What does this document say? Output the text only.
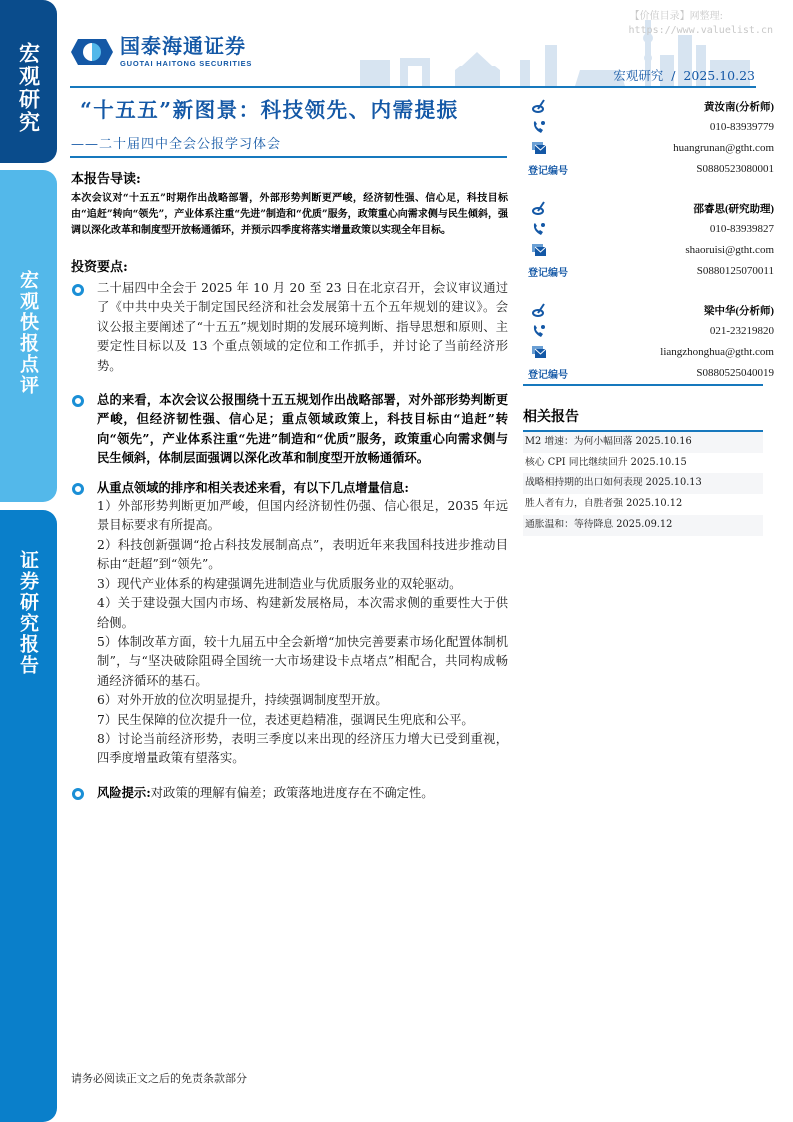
宏观研究
宏观快报点评
证券研究报告
【价值目录】网整理:
https://www.valuelist.cn
国泰海通证券
GUOTAI HAITONG SECURITIES
宏观研究 / 2025.10.23
“十五五”新图景：科技领先、内需提振
——二十届四中全会公报学习体会
本报告导读:
本次会议对“十五五”时期作出战略部署，外部形势判断更严峻，经济韧性强、信心足，科技目标由“追赶”转向“领先”，产业体系注重“先进”制造和“优质”服务，政策重心向需求侧与民生倾斜，强调以深化改革和制度型开放畅通循环，并预示四季度将落实增量政策以实现全年目标。
投资要点:
二十届四中全会于 2025 年 10 月 20 至 23 日在北京召开，会议审议通过了《中共中央关于制定国民经济和社会发展第十五个五年规划的建议》。会议公报主要阐述了“十五五”规划时期的发展环境判断、指导思想和原则、主要定性目标以及 13 个重点领域的定位和工作抓手，并讨论了当前经济形势。
总的来看，本次会议公报围绕十五五规划作出战略部署，对外部形势判断更严峻，但经济韧性强、信心足；重点领域政策上，科技目标由“追赶”转向“领先”，产业体系注重“先进”制造和“优质”服务，政策重心向需求侧与民生倾斜，体制层面强调以深化改革和制度型开放畅通循环。
从重点领域的排序和相关表述来看，有以下几点增量信息:
1）外部形势判断更加严峻，但国内经济韧性仍强、信心很足，2035 年远景目标要求有所提高。
2）科技创新强调“抢占科技发展制高点”，表明近年来我国科技进步推动目标由“赶超”到“领先”。
3）现代产业体系的构建强调先进制造业与优质服务业的双轮驱动。
4）关于建设强大国内市场、构建新发展格局，本次需求侧的重要性大于供给侧。
5）体制改革方面，较十九届五中全会新增“加快完善要素市场化配置体制机制”，与“坚决破除阻碍全国统一大市场建设卡点堵点”相配合，共同构成畅通经济循环的基石。
6）对外开放的位次明显提升，持续强调制度型开放。
7）民生保障的位次提升一位，表述更趋精准，强调民生兜底和公平。
8）讨论当前经济形势，表明三季度以来出现的经济压力增大已受到重视，四季度增量政策有望落实。
风险提示:对政策的理解有偏差；政策落地进度存在不确定性。
黄汝南(分析师)
010-83939779
huangrunan@gtht.com
登记编号	S0880523080001
邵睿思(研究助理)
010-83939827
shaoruisi@gtht.com
登记编号	S0880125070011
梁中华(分析师)
021-23219820
liangzhonghua@gtht.com
登记编号	S0880525040019
相关报告
M2 增速：为何小幅回落 2025.10.16
核心 CPI 同比继续回升 2025.10.15
战略相持期的出口如何表现 2025.10.13
胜人者有力，自胜者强 2025.10.12
通胀温和：等待降息 2025.09.12
请务必阅读正文之后的免责条款部分
